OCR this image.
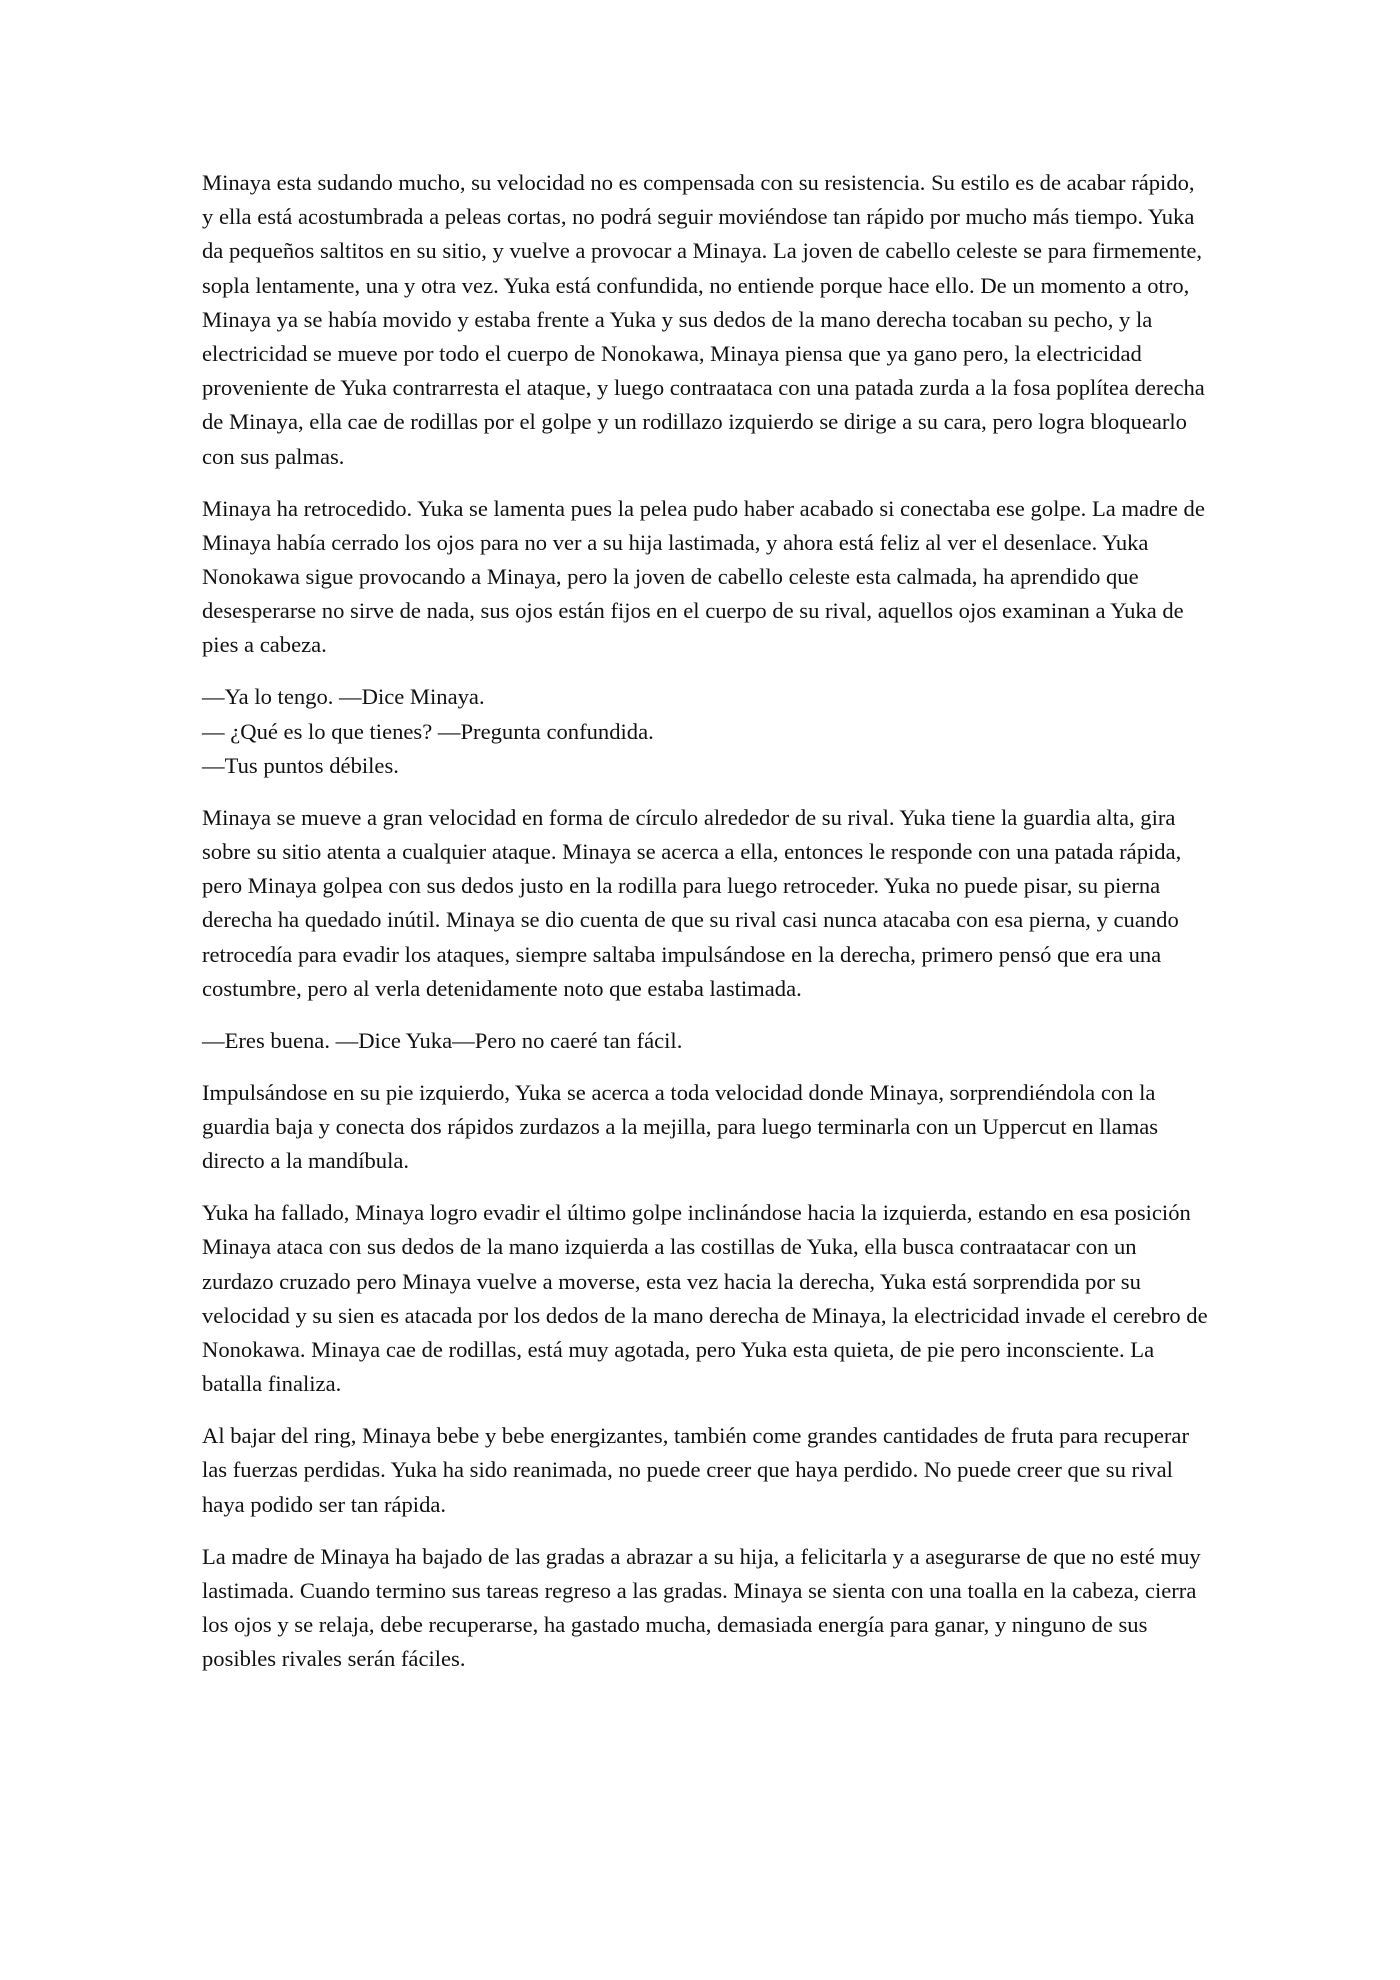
Minaya esta sudando mucho, su velocidad no es compensada con su resistencia. Su estilo es de acabar rápido, y ella está acostumbrada a peleas cortas, no podrá seguir moviéndose tan rápido por mucho más tiempo. Yuka da pequeños saltitos en su sitio, y vuelve a provocar a Minaya. La joven de cabello celeste se para firmemente, sopla lentamente, una y otra vez. Yuka está confundida, no entiende porque hace ello. De un momento a otro, Minaya ya se había movido y estaba frente a Yuka y sus dedos de la mano derecha tocaban su pecho, y la electricidad se mueve por todo el cuerpo de Nonokawa, Minaya piensa que ya gano pero, la electricidad proveniente de Yuka contrarresta el ataque, y luego contraataca con una patada zurda a la fosa poplítea derecha de Minaya, ella cae de rodillas por el golpe y un rodillazo izquierdo se dirige a su cara, pero logra bloquearlo con sus palmas.

Minaya ha retrocedido. Yuka se lamenta pues la pelea pudo haber acabado si conectaba ese golpe. La madre de Minaya había cerrado los ojos para no ver a su hija lastimada, y ahora está feliz al ver el desenlace. Yuka Nonokawa sigue provocando a Minaya, pero la joven de cabello celeste esta calmada, ha aprendido que desesperarse no sirve de nada, sus ojos están fijos en el cuerpo de su rival, aquellos ojos examinan a Yuka de pies a cabeza.

—Ya lo tengo. —Dice Minaya.
— ¿Qué es lo que tienes? —Pregunta confundida.
—Tus puntos débiles.

Minaya se mueve a gran velocidad en forma de círculo alrededor de su rival. Yuka tiene la guardia alta, gira sobre su sitio atenta a cualquier ataque. Minaya se acerca a ella, entonces le responde con una patada rápida, pero Minaya golpea con sus dedos justo en la rodilla para luego retroceder. Yuka no puede pisar, su pierna derecha ha quedado inútil. Minaya se dio cuenta de que su rival casi nunca atacaba con esa pierna, y cuando retrocedía para evadir los ataques, siempre saltaba impulsándose en la derecha, primero pensó que era una costumbre, pero al verla detenidamente noto que estaba lastimada.

—Eres buena. —Dice Yuka—Pero no caeré tan fácil.

Impulsándose en su pie izquierdo, Yuka se acerca a toda velocidad donde Minaya, sorprendiéndola con la guardia baja y conecta dos rápidos zurdazos a la mejilla, para luego terminarla con un Uppercut en llamas directo a la mandíbula.

Yuka ha fallado, Minaya logro evadir el último golpe inclinándose hacia la izquierda, estando en esa posición Minaya ataca con sus dedos de la mano izquierda a las costillas de Yuka, ella busca contraatacar con un zurdazo cruzado pero Minaya vuelve a moverse, esta vez hacia la derecha, Yuka está sorprendida por su velocidad y su sien es atacada por los dedos de la mano derecha de Minaya, la electricidad invade el cerebro de Nonokawa. Minaya cae de rodillas, está muy agotada, pero Yuka esta quieta, de pie pero inconsciente. La batalla finaliza.

Al bajar del ring, Minaya bebe y bebe energizantes, también come grandes cantidades de fruta para recuperar las fuerzas perdidas. Yuka ha sido reanimada, no puede creer que haya perdido. No puede creer que su rival haya podido ser tan rápida.

La madre de Minaya ha bajado de las gradas a abrazar a su hija, a felicitarla y a asegurarse de que no esté muy lastimada. Cuando termino sus tareas regreso a las gradas. Minaya se sienta con una toalla en la cabeza, cierra los ojos y se relaja, debe recuperarse, ha gastado mucha, demasiada energía para ganar, y ninguno de sus posibles rivales serán fáciles.
